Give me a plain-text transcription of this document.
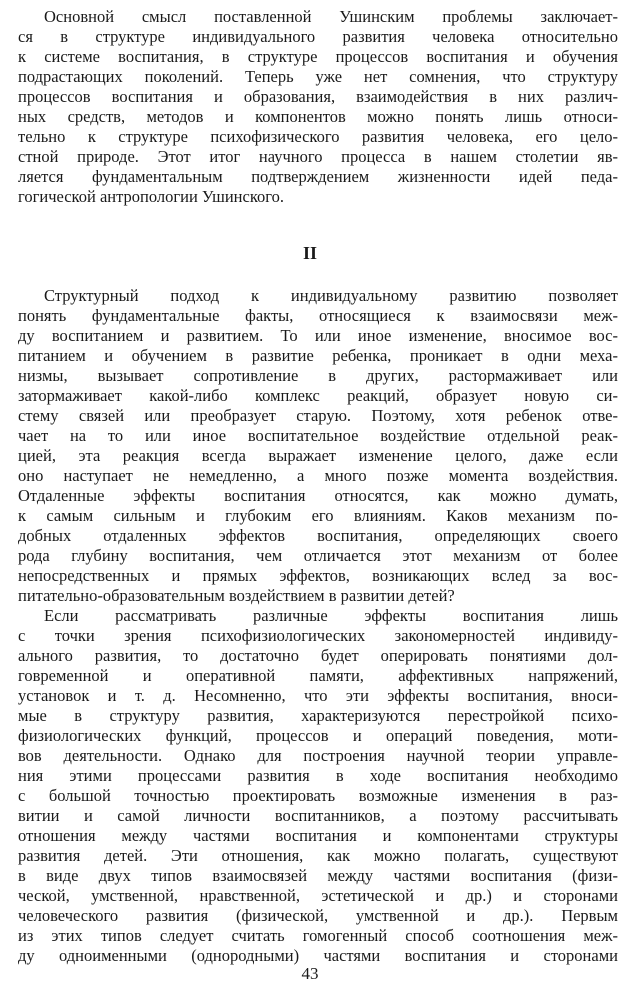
Основной смысл поставленной Ушинским проблемы заключает-
ся в структуре индивидуального развития человека относительно
к системе воспитания, в структуре процессов воспитания и обучения
подрастающих поколений. Теперь уже нет сомнения, что структуру
процессов воспитания и образования, взаимодействия в них различ-
ных средств, методов и компонентов можно понять лишь относи-
тельно к структуре психофизического развития человека, его цело-
стной природе. Этот итог научного процесса в нашем столетии яв-
ляется фундаментальным подтверждением жизненности идей педа-
гогической антропологии Ушинского.
II
Структурный подход к индивидуальному развитию позволяет
понять фундаментальные факты, относящиеся к взаимосвязи меж-
ду воспитанием и развитием. То или иное изменение, вносимое вос-
питанием и обучением в развитие ребенка, проникает в одни меха-
низмы, вызывает сопротивление в других, растормаживает или
затормаживает какой-либо комплекс реакций, образует новую си-
стему связей или преобразует старую. Поэтому, хотя ребенок отве-
чает на то или иное воспитательное воздействие отдельной реак-
цией, эта реакция всегда выражает изменение целого, даже если
оно наступает не немедленно, а много позже момента воздействия.
Отдаленные эффекты воспитания относятся, как можно думать,
к самым сильным и глубоким его влияниям. Каков механизм по-
добных отдаленных эффектов воспитания, определяющих своего
рода глубину воспитания, чем отличается этот механизм от более
непосредственных и прямых эффектов, возникающих вслед за вос-
питательно-образовательным воздействием в развитии детей?
Если рассматривать различные эффекты воспитания лишь
с точки зрения психофизиологических закономерностей индивиду-
ального развития, то достаточно будет оперировать понятиями дол-
говременной и оперативной памяти, аффективных напряжений,
установок и т. д. Несомненно, что эти эффекты воспитания, вноси-
мые в структуру развития, характеризуются перестройкой психо-
физиологических функций, процессов и операций поведения, моти-
вов деятельности. Однако для построения научной теории управле-
ния этими процессами развития в ходе воспитания необходимо
с большой точностью проектировать возможные изменения в раз-
витии и самой личности воспитанников, а поэтому рассчитывать
отношения между частями воспитания и компонентами структуры
развития детей. Эти отношения, как можно полагать, существуют
в виде двух типов взаимосвязей между частями воспитания (физи-
ческой, умственной, нравственной, эстетической и др.) и сторонами
человеческого развития (физической, умственной и др.). Первым
из этих типов следует считать гомогенный способ соотношения меж-
ду одноименными (однородными) частями воспитания и сторонами
43
